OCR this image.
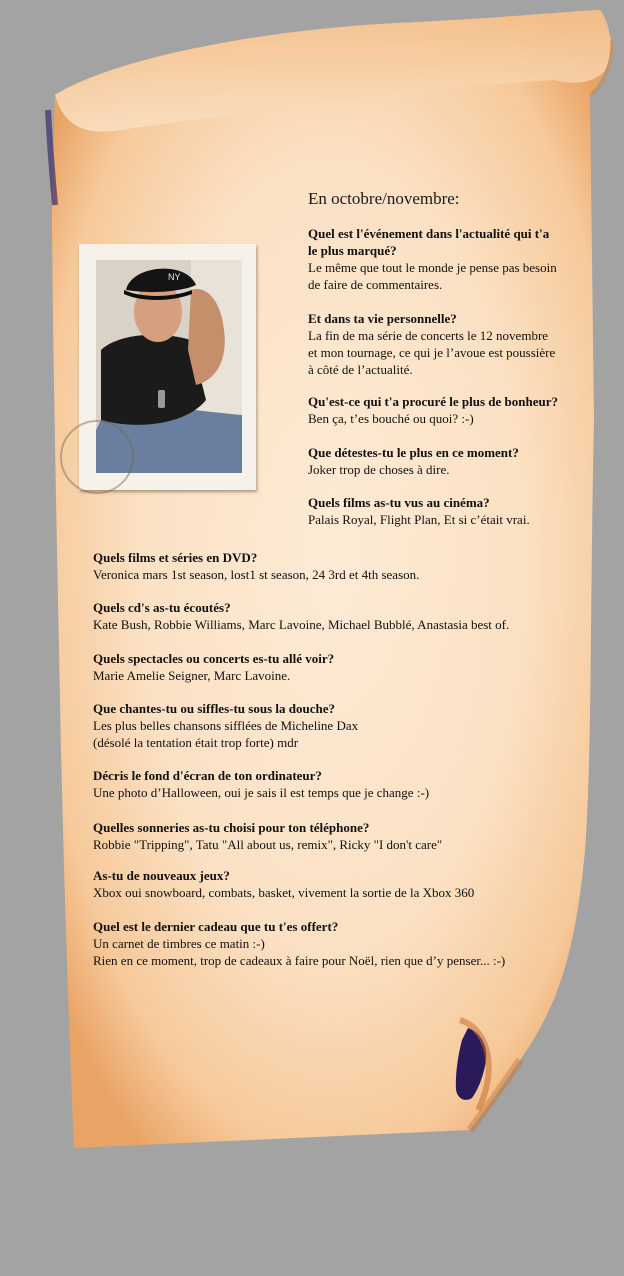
NY
En octobre/novembre:
Quel est l'événement dans l'actualité qui t'a
le plus marqué?
Le même que tout le monde je pense pas besoin
de faire de commentaires.
Et dans ta vie personnelle?
La fin de ma série de concerts le 12 novembre
et mon tournage, ce qui je l’avoue est poussière
à côté de l’actualité.
Qu'est-ce qui t'a procuré le plus de bonheur?
Ben ça, t’es bouché ou quoi? :-)
Que détestes-tu le plus en ce moment?
Joker trop de choses à dire.
Quels films as-tu vus au cinéma?
Palais Royal, Flight Plan, Et si c’était vrai.
Quels films et séries en DVD?
Veronica mars 1st season, lost1 st season, 24 3rd et 4th season.
Quels cd's as-tu écoutés?
Kate Bush, Robbie Williams, Marc Lavoine, Michael Bubblé, Anastasia best of.
Quels spectacles ou concerts es-tu allé voir?
Marie Amelie Seigner, Marc Lavoine.
Que chantes-tu ou siffles-tu sous la douche?
Les plus belles chansons sifflées de Micheline Dax
(désolé la tentation était trop forte) mdr
Décris le fond d'écran de ton ordinateur?
Une photo d’Halloween, oui je sais il est temps que je change :-)
Quelles sonneries as-tu choisi pour ton téléphone?
Robbie "Tripping", Tatu "All about us, remix", Ricky "I don't care"
As-tu de nouveaux jeux?
Xbox oui snowboard, combats, basket, vivement la sortie de la Xbox 360
Quel est le dernier cadeau que tu t'es offert?
Un carnet de timbres ce matin :-)
Rien en ce moment, trop de cadeaux à faire pour Noël, rien que d’y penser... :-)
